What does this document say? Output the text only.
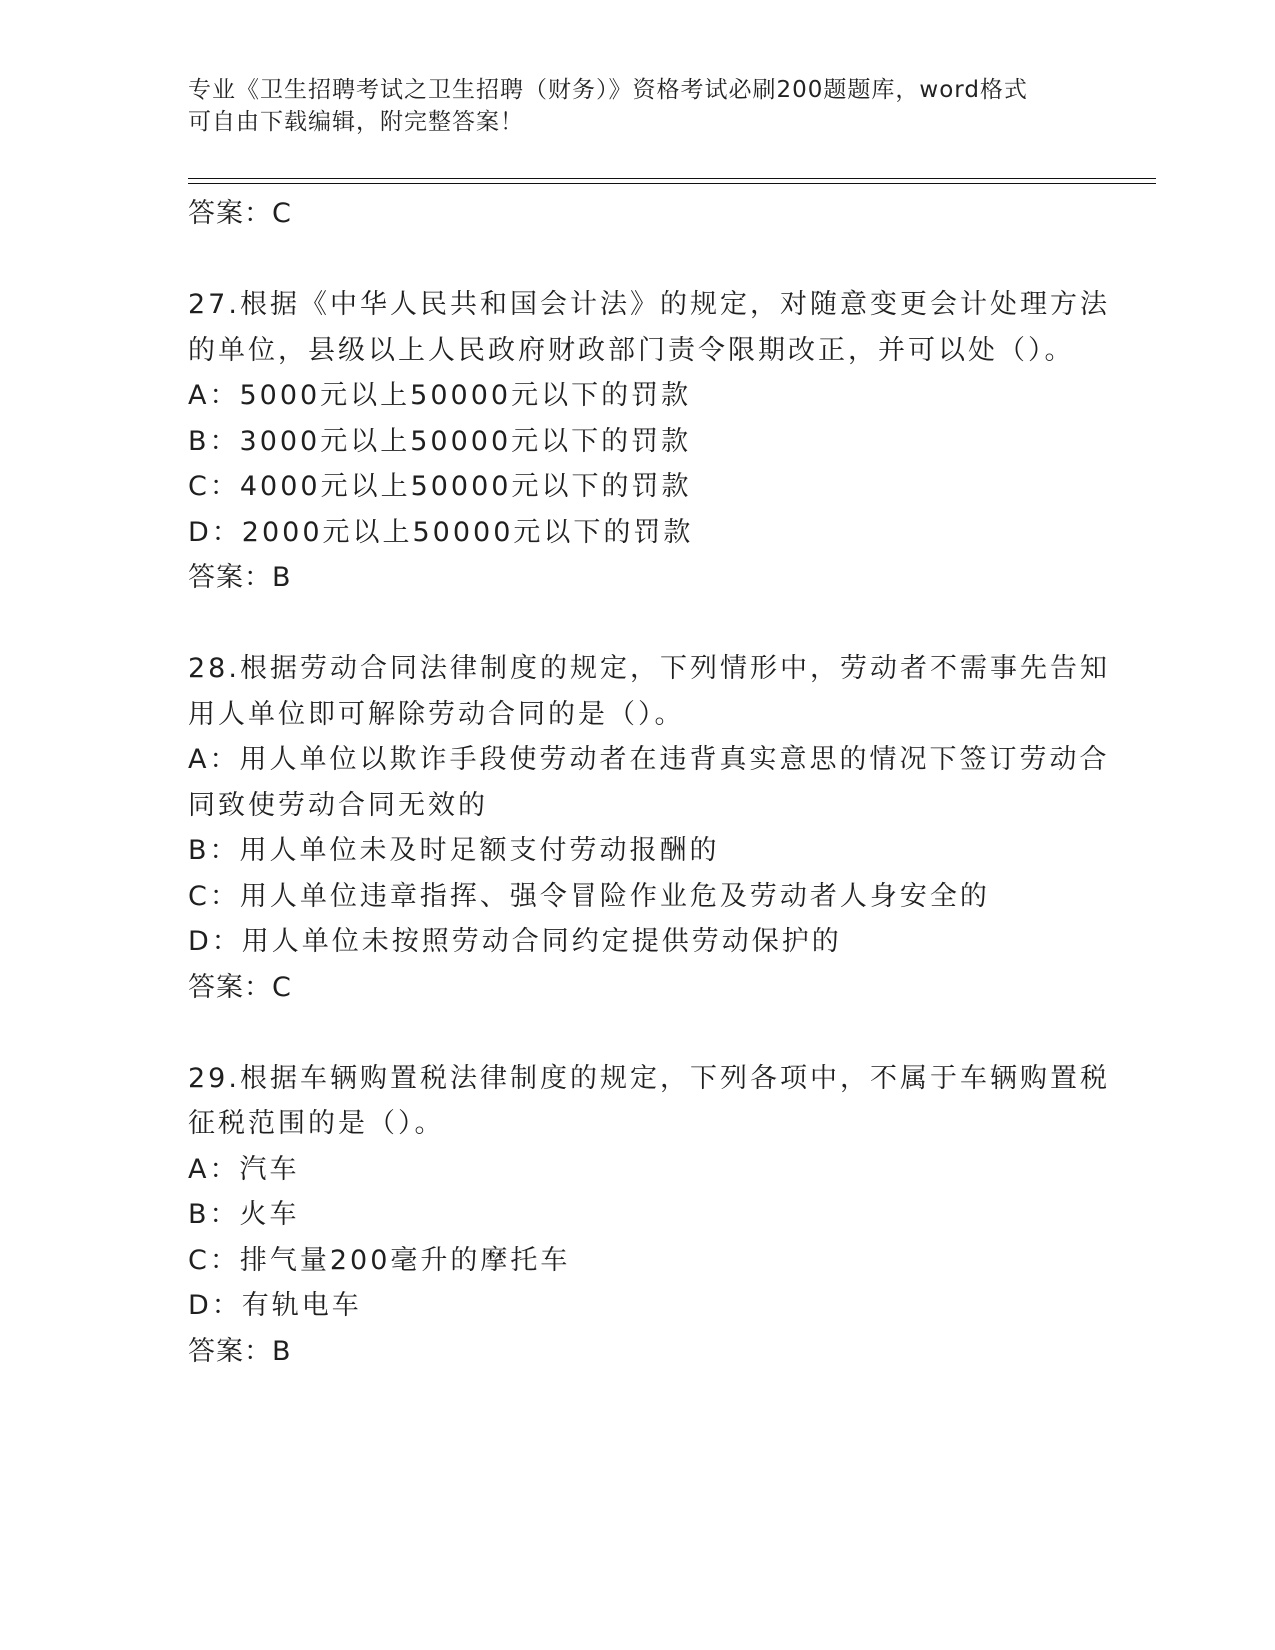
专业《卫生招聘考试之卫生招聘（财务）》资格考试必刷200题题库，word格式
可自由下载编辑，附完整答案！
答案：C
27.根据《中华人民共和国会计法》的规定，对随意变更会计处理方法
的单位，县级以上人民政府财政部门责令限期改正，并可以处（）。
A：5000元以上50000元以下的罚款
B：3000元以上50000元以下的罚款
C：4000元以上50000元以下的罚款
D：2000元以上50000元以下的罚款
答案：B
28.根据劳动合同法律制度的规定，下列情形中，劳动者不需事先告知
用人单位即可解除劳动合同的是（）。
A：用人单位以欺诈手段使劳动者在违背真实意思的情况下签订劳动合
同致使劳动合同无效的
B：用人单位未及时足额支付劳动报酬的
C：用人单位违章指挥、强令冒险作业危及劳动者人身安全的
D：用人单位未按照劳动合同约定提供劳动保护的
答案：C
29.根据车辆购置税法律制度的规定，下列各项中，不属于车辆购置税
征税范围的是（）。
A：汽车
B：火车
C：排气量200毫升的摩托车
D：有轨电车
答案：B
